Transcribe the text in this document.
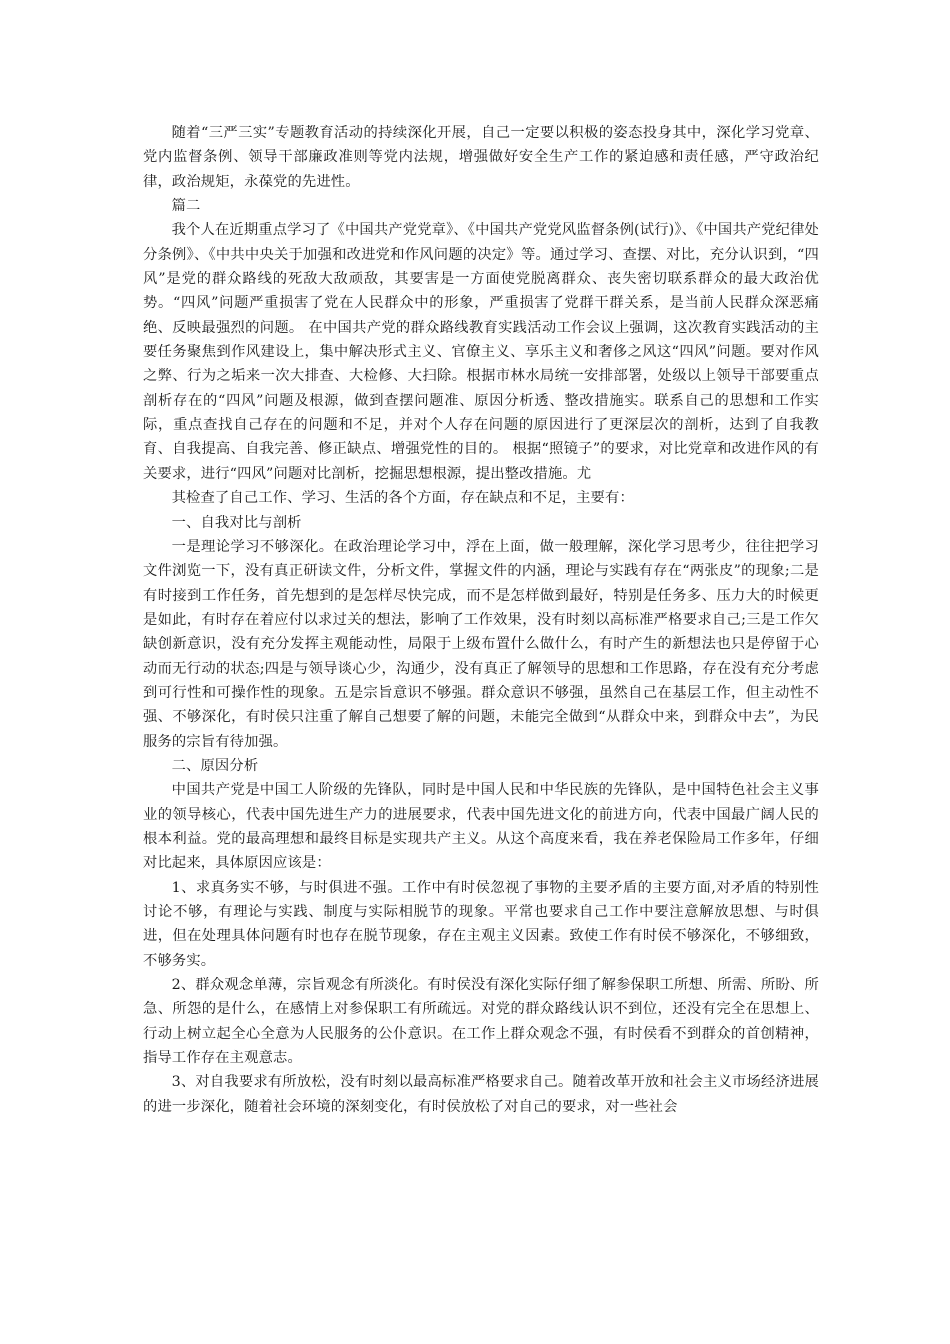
随着“三严三实”专题教育活动的持续深化开展，自己一定要以积极的姿态投身其中，深化学习党章、党内监督条例、领导干部廉政准则等党内法规，增强做好安全生产工作的紧迫感和责任感，严守政治纪律，政治规矩，永葆党的先进性。

篇二

我个人在近期重点学习了《中国共产党党章》、《中国共产党党风监督条例(试行)》、《中国共产党纪律处分条例》、《中共中央关于加强和改进党和作风问题的决定》等。通过学习、查摆、对比，充分认识到，“四风”是党的群众路线的死敌大敌顽敌，其要害是一方面使党脱离群众、丧失密切联系群众的最大政治优势。“四风”问题严重损害了党在人民群众中的形象，严重损害了党群干群关系，是当前人民群众深恶痛绝、反映最强烈的问题。 在中国共产党的群众路线教育实践活动工作会议上强调，这次教育实践活动的主要任务聚焦到作风建设上，集中解决形式主义、官僚主义、享乐主义和奢侈之风这“四风”问题。要对作风之弊、行为之垢来一次大排查、大检修、大扫除。根据市林水局统一安排部署，处级以上领导干部要重点剖析存在的“四风”问题及根源，做到查摆问题准、原因分析透、整改措施实。联系自己的思想和工作实际，重点查找自己存在的问题和不足，并对个人存在问题的原因进行了更深层次的剖析，达到了自我教育、自我提高、自我完善、修正缺点、增强党性的目的。 根据“照镜子”的要求，对比党章和改进作风的有关要求，进行“四风”问题对比剖析，挖掘思想根源，提出整改措施。尤

其检查了自己工作、学习、生活的各个方面，存在缺点和不足，主要有：

一、自我对比与剖析

一是理论学习不够深化。在政治理论学习中，浮在上面，做一般理解，深化学习思考少，往往把学习文件浏览一下，没有真正研读文件，分析文件，掌握文件的内涵，理论与实践有存在“两张皮”的现象;二是有时接到工作任务，首先想到的是怎样尽快完成，而不是怎样做到最好，特别是任务多、压力大的时候更是如此，有时存在着应付以求过关的想法，影响了工作效果，没有时刻以高标准严格要求自己;三是工作欠缺创新意识，没有充分发挥主观能动性，局限于上级布置什么做什么，有时产生的新想法也只是停留于心动而无行动的状态;四是与领导谈心少，沟通少，没有真正了解领导的思想和工作思路，存在没有充分考虑到可行性和可操作性的现象。五是宗旨意识不够强。群众意识不够强，虽然自己在基层工作，但主动性不强、不够深化，有时侯只注重了解自己想要了解的问题，未能完全做到“从群众中来，到群众中去”，为民服务的宗旨有待加强。

二、原因分析

中国共产党是中国工人阶级的先锋队，同时是中国人民和中华民族的先锋队，是中国特色社会主义事业的领导核心，代表中国先进生产力的进展要求，代表中国先进文化的前进方向，代表中国最广阔人民的根本利益。党的最高理想和最终目标是实现共产主义。从这个高度来看，我在养老保险局工作多年，仔细对比起来，具体原因应该是：

1、求真务实不够，与时俱进不强。工作中有时侯忽视了事物的主要矛盾的主要方面,对矛盾的特别性讨论不够，有理论与实践、制度与实际相脱节的现象。平常也要求自己工作中要注意解放思想、与时俱进，但在处理具体问题有时也存在脱节现象，存在主观主义因素。致使工作有时侯不够深化，不够细致，不够务实。

2、群众观念单薄，宗旨观念有所淡化。有时侯没有深化实际仔细了解参保职工所想、所需、所盼、所急、所怨的是什么，在感情上对参保职工有所疏远。对党的群众路线认识不到位，还没有完全在思想上、行动上树立起全心全意为人民服务的公仆意识。在工作上群众观念不强，有时侯看不到群众的首创精神，指导工作存在主观意志。

3、对自我要求有所放松，没有时刻以最高标准严格要求自己。随着改革开放和社会主义市场经济进展的进一步深化，随着社会环境的深刻变化，有时侯放松了对自己的要求，对一些社会
